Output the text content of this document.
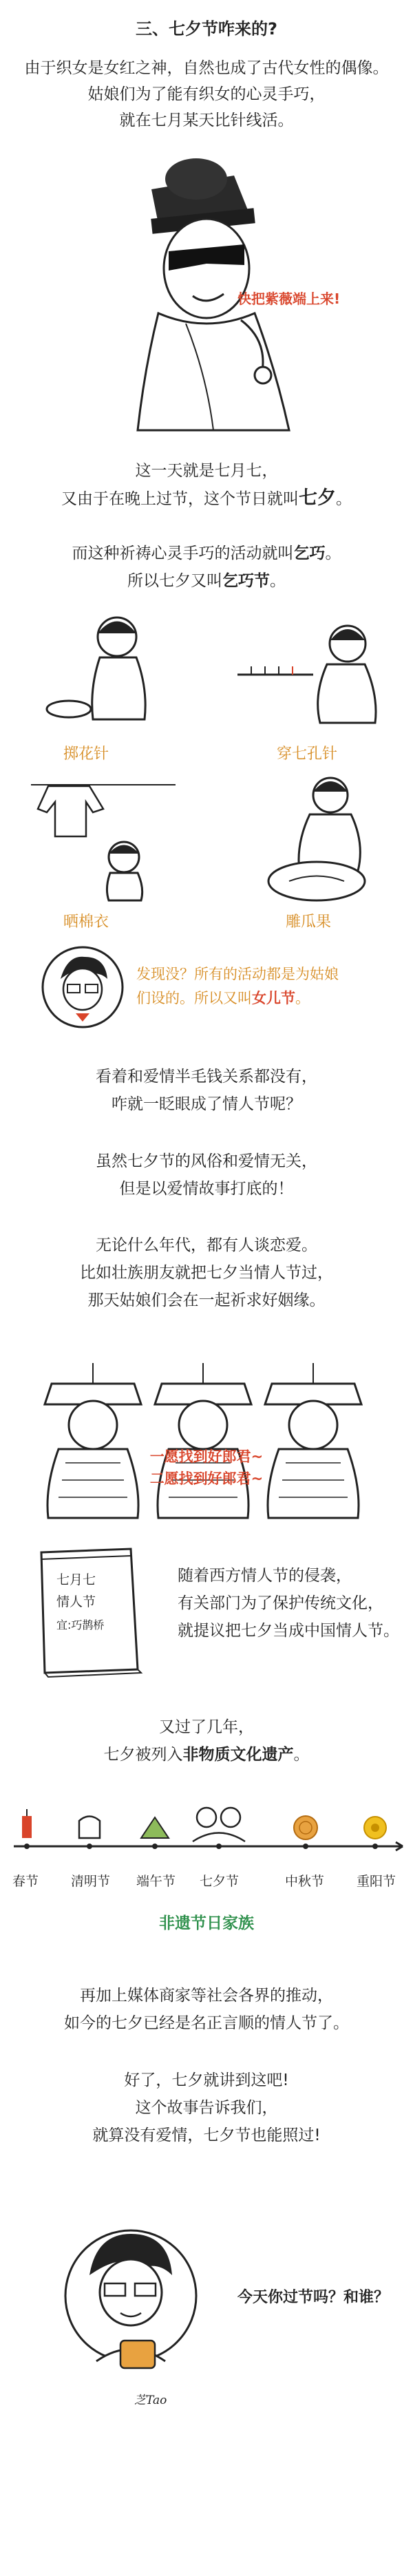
三、七夕节咋来的?
由于织女是女红之神，自然也成了古代女性的偶像。
姑娘们为了能有织女的心灵手巧，
就在七月某天比针线活。
快把紫薇端上来!
这一天就是七月七，
又由于在晚上过节，这个节日就叫七夕。
而这种祈祷心灵手巧的活动就叫乞巧。
所以七夕又叫乞巧节。
掷花针	穿七孔针
晒棉衣	雕瓜果
发现没？所有的活动都是为姑娘
们设的。所以又叫女儿节。
看着和爱情半毛钱关系都没有，
咋就一眨眼成了情人节呢？
虽然七夕节的风俗和爱情无关，
但是以爱情故事打底的！
无论什么年代，都有人谈恋爱。
比如壮族朋友就把七夕当情人节过，
那天姑娘们会在一起祈求好姻缘。
一愿找到好郎君~
二愿找到好郎君~
七月七
情人节
宜:巧鹊桥
随着西方情人节的侵袭，
有关部门为了保护传统文化，
就提议把七夕当成中国情人节。
又过了几年，
七夕被列入非物质文化遗产。
春节 清明节 端午节 七夕节	中秋节 重阳节
非遗节日家族
再加上媒体商家等社会各界的推动，
如今的七夕已经是名正言顺的情人节了。
好了，七夕就讲到这吧!
这个故事告诉我们，
就算没有爱情，七夕节也能照过!
今天你过节吗？和谁？
芝Tao
